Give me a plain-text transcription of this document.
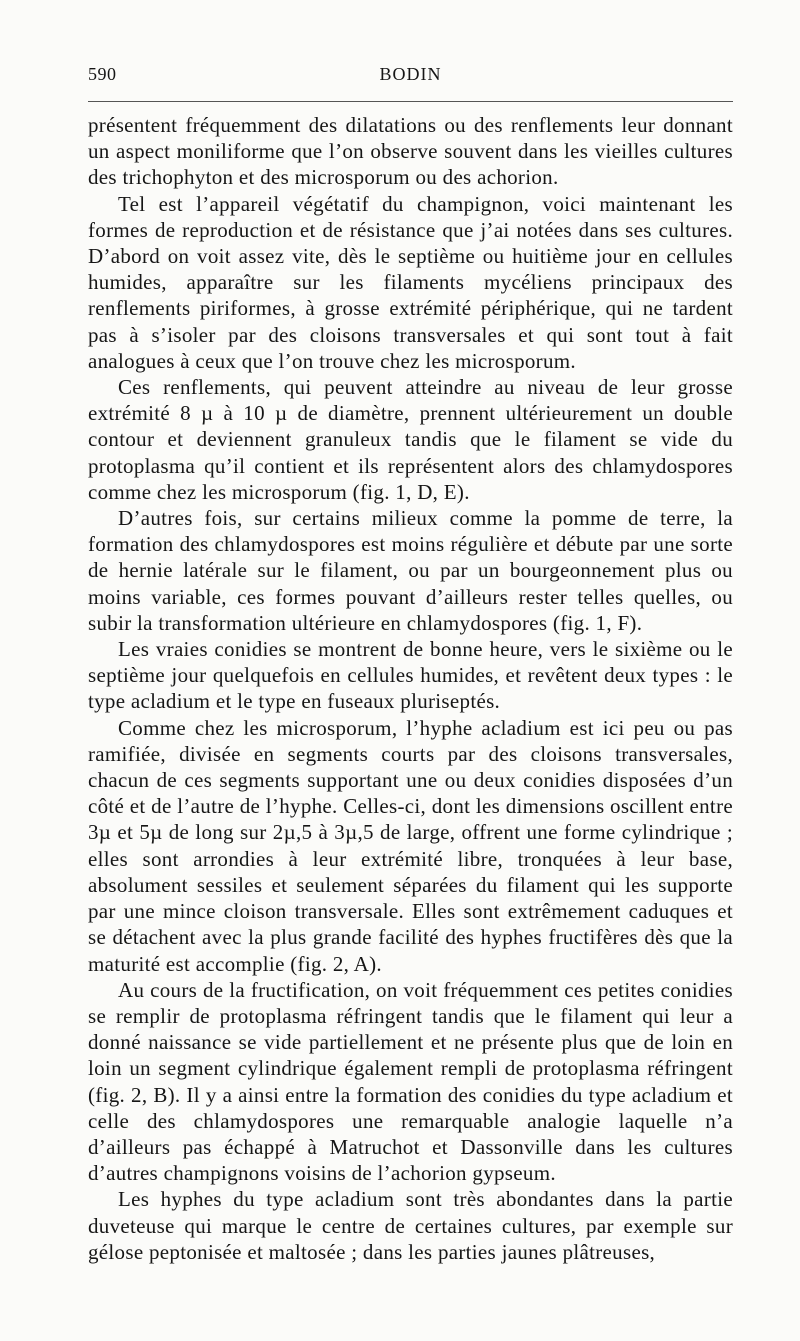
590	BODIN

présentent fréquemment des dilatations ou des renflements leur donnant un aspect moniliforme que l’on observe souvent dans les vieilles cultures des trichophyton et des microsporum ou des achorion.

Tel est l’appareil végétatif du champignon, voici maintenant les formes de reproduction et de résistance que j’ai notées dans ses cultures. D’abord on voit assez vite, dès le septième ou huitième jour en cellules humides, apparaître sur les filaments mycéliens principaux des renflements piriformes, à grosse extrémité périphérique, qui ne tardent pas à s’isoler par des cloisons transversales et qui sont tout à fait analogues à ceux que l’on trouve chez les microsporum.

Ces renflements, qui peuvent atteindre au niveau de leur grosse extrémité 8 µ à 10 µ de diamètre, prennent ultérieurement un double contour et deviennent granuleux tandis que le filament se vide du protoplasma qu’il contient et ils représentent alors des chlamydospores comme chez les microsporum (fig. 1, D, E).

D’autres fois, sur certains milieux comme la pomme de terre, la formation des chlamydospores est moins régulière et débute par une sorte de hernie latérale sur le filament, ou par un bourgeonnement plus ou moins variable, ces formes pouvant d’ailleurs rester telles quelles, ou subir la transformation ultérieure en chlamydospores (fig. 1, F).

Les vraies conidies se montrent de bonne heure, vers le sixième ou le septième jour quelquefois en cellules humides, et revêtent deux types : le type acladium et le type en fuseaux pluriseptés.

Comme chez les microsporum, l’hyphe acladium est ici peu ou pas ramifiée, divisée en segments courts par des cloisons transversales, chacun de ces segments supportant une ou deux conidies disposées d’un côté et de l’autre de l’hyphe. Celles-ci, dont les dimensions oscillent entre 3µ et 5µ de long sur 2µ,5 à 3µ,5 de large, offrent une forme cylindrique ; elles sont arrondies à leur extrémité libre, tronquées à leur base, absolument sessiles et seulement séparées du filament qui les supporte par une mince cloison transversale. Elles sont extrêmement caduques et se détachent avec la plus grande facilité des hyphes fructifères dès que la maturité est accomplie (fig. 2, A).

Au cours de la fructification, on voit fréquemment ces petites conidies se remplir de protoplasma réfringent tandis que le filament qui leur a donné naissance se vide partiellement et ne présente plus que de loin en loin un segment cylindrique également rempli de protoplasma réfringent (fig. 2, B). Il y a ainsi entre la formation des conidies du type acladium et celle des chlamydospores une remarquable analogie laquelle n’a d’ailleurs pas échappé à Matruchot et Dassonville dans les cultures d’autres champignons voisins de l’achorion gypseum.

Les hyphes du type acladium sont très abondantes dans la partie duveteuse qui marque le centre de certaines cultures, par exemple sur gélose peptonisée et maltosée ; dans les parties jaunes plâtreuses,
